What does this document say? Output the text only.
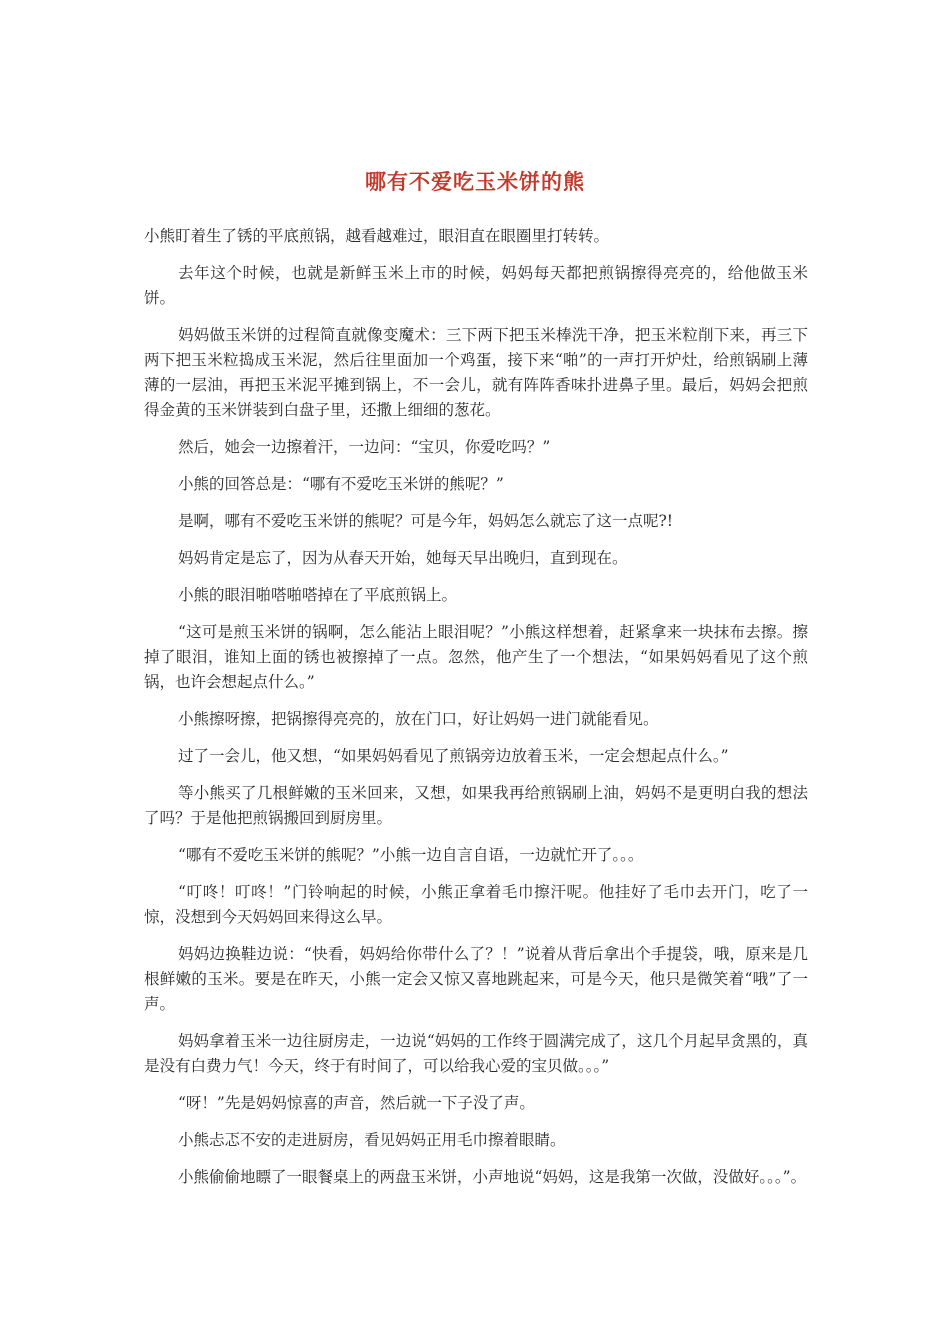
哪有不爱吃玉米饼的熊

小熊盯着生了锈的平底煎锅，越看越难过，眼泪直在眼圈里打转转。

去年这个时候，也就是新鲜玉米上市的时候，妈妈每天都把煎锅擦得亮亮的，给他做玉米饼。

妈妈做玉米饼的过程简直就像变魔术：三下两下把玉米棒洗干净，把玉米粒削下来，再三下两下把玉米粒捣成玉米泥，然后往里面加一个鸡蛋，接下来“啪”的一声打开炉灶，给煎锅刷上薄薄的一层油，再把玉米泥平摊到锅上，不一会儿，就有阵阵香味扑进鼻子里。最后，妈妈会把煎得金黄的玉米饼装到白盘子里，还撒上细细的葱花。

然后，她会一边擦着汗，一边问：“宝贝，你爱吃吗？”

小熊的回答总是：“哪有不爱吃玉米饼的熊呢？”

是啊，哪有不爱吃玉米饼的熊呢？可是今年，妈妈怎么就忘了这一点呢?!

妈妈肯定是忘了，因为从春天开始，她每天早出晚归，直到现在。

小熊的眼泪啪嗒啪嗒掉在了平底煎锅上。

“这可是煎玉米饼的锅啊，怎么能沾上眼泪呢？”小熊这样想着，赶紧拿来一块抹布去擦。擦掉了眼泪，谁知上面的锈也被擦掉了一点。忽然，他产生了一个想法，“如果妈妈看见了这个煎锅，也许会想起点什么。”

小熊擦呀擦，把锅擦得亮亮的，放在门口，好让妈妈一进门就能看见。

过了一会儿，他又想，“如果妈妈看见了煎锅旁边放着玉米，一定会想起点什么。”

等小熊买了几根鲜嫩的玉米回来，又想，如果我再给煎锅刷上油，妈妈不是更明白我的想法了吗？于是他把煎锅搬回到厨房里。

“哪有不爱吃玉米饼的熊呢？”小熊一边自言自语，一边就忙开了。。。

“叮咚！叮咚！”门铃响起的时候，小熊正拿着毛巾擦汗呢。他挂好了毛巾去开门，吃了一惊，没想到今天妈妈回来得这么早。

妈妈边换鞋边说：“快看，妈妈给你带什么了？！”说着从背后拿出个手提袋，哦，原来是几根鲜嫩的玉米。要是在昨天，小熊一定会又惊又喜地跳起来，可是今天，他只是微笑着“哦”了一声。

妈妈拿着玉米一边往厨房走，一边说“妈妈的工作终于圆满完成了，这几个月起早贪黑的，真是没有白费力气！今天，终于有时间了，可以给我心爱的宝贝做。。。”

“呀！”先是妈妈惊喜的声音，然后就一下子没了声。

小熊忐忑不安的走进厨房，看见妈妈正用毛巾擦着眼睛。

小熊偷偷地瞟了一眼餐桌上的两盘玉米饼，小声地说“妈妈，这是我第一次做，没做好。。。”。
